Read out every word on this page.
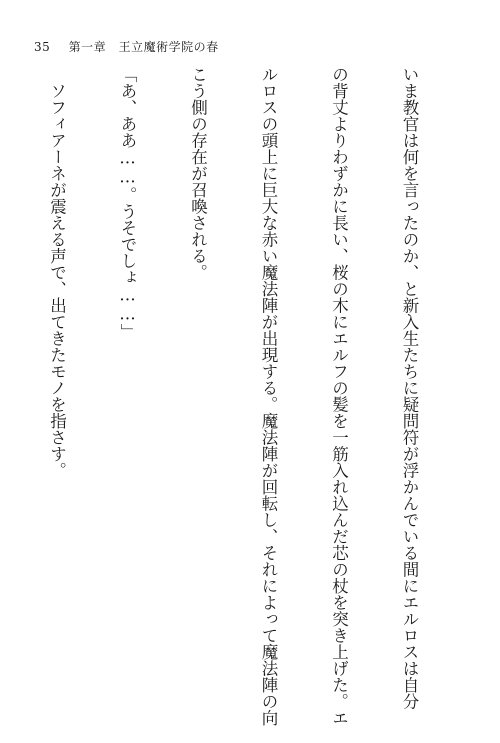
35 第一章　王立魔術学院の春

いま教官は何を言ったのか、と新入生たちに疑問符が浮かんでいる間にエルロスは自分

の背丈よりわずかに長い、桜の木にエルフの髪を一筋入れ込んだ芯の杖を突き上げた。エ

ルロスの頭上に巨大な赤い魔法陣が出現する。魔法陣が回転し、それによって魔法陣の向

こう側の存在が召喚される。

「あ、ああ……。うそでしょ……」

　ソフィアーネが震える声で、出てきたモノを指さす。
